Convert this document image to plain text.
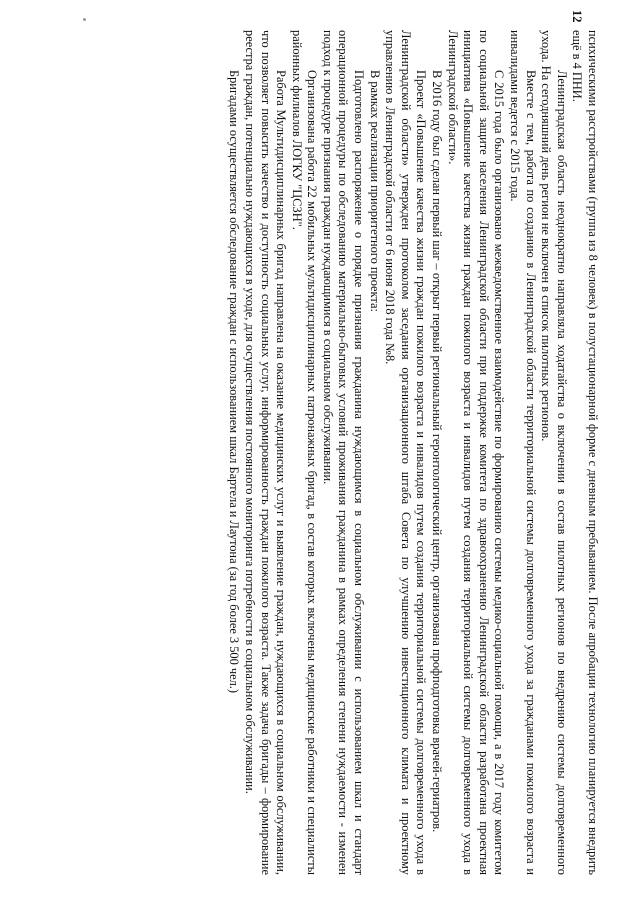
психическими расстройствами (группа из 8 человек) в полустационарной форме с дневным пребыванием. После апробации технологию планируется внедрить ещё в 4 ПНИ.

Ленинградская область неоднократно направляла ходатайства о включении в состав пилотных регионов по внедрению системы долговременного ухода. На сегодняшний день регион не включен в список пилотных регионов.

Вместе с тем, работа по созданию в Ленинградской области территориальной системы долговременного ухода за гражданами пожилого возраста и инвалидами ведется с 2015 года.

С 2015 года было организовано межведомственное взаимодействие по формированию системы медико-социальной помощи, а в 2017 году комитетом по социальной защите населения Ленинградской области при поддержке комитета по здравоохранению Ленинградской области разработана проектная инициатива «Повышение качества жизни граждан пожилого возраста и инвалидов путем создания территориальной системы долговременного ухода в Ленинградской области».

В 2016 году был сделан первый шаг – открыт первый региональный геронтологический центр, организована профподготовка врачей-гериатров.

Проект «Повышение качества жизни граждан пожилого возраста и инвалидов путем создания территориальной системы долговременного ухода в Ленинградской области» утвержден протоколом заседания организационного штаба Совета по улучшению инвестиционного климата и проектному управлению в Ленинградской области от 6 июня 2018 года №8.

В рамках реализации приоритетного проекта:

Подготовлено распоряжение о порядке признания гражданина нуждающимся в социальном обслуживании с использованием шкал и стандарт операционной процедуры по обследованию материально-бытовых условий проживания гражданина в рамках определения степени нуждаемости - изменен подход к процедуре признания граждан нуждающимися в социальном обслуживании.

Организована работа 22 мобильных мультидисциплинарных патронажных бригад, в состав которых включены медицинские работники и специалисты районных филиалов ЛОГКУ "ЦСЗН".

Работа Мультидисциплинарных бригад направлена на оказание медицинских услуг и выявление граждан, нуждающихся в социальном обслуживании, что позволяет повысить качество и доступность социальных услуг, информированность граждан пожилого возраста. Также задача бригады – формирование реестра граждан, потенциально нуждающихся в уходе, для осуществления постоянного мониторинга потребности в социальном обслуживании.

Бригадами осуществляется обследование граждан с использованием шкал Бартела и Лаутона (за год более 3 500 чел.)

12
